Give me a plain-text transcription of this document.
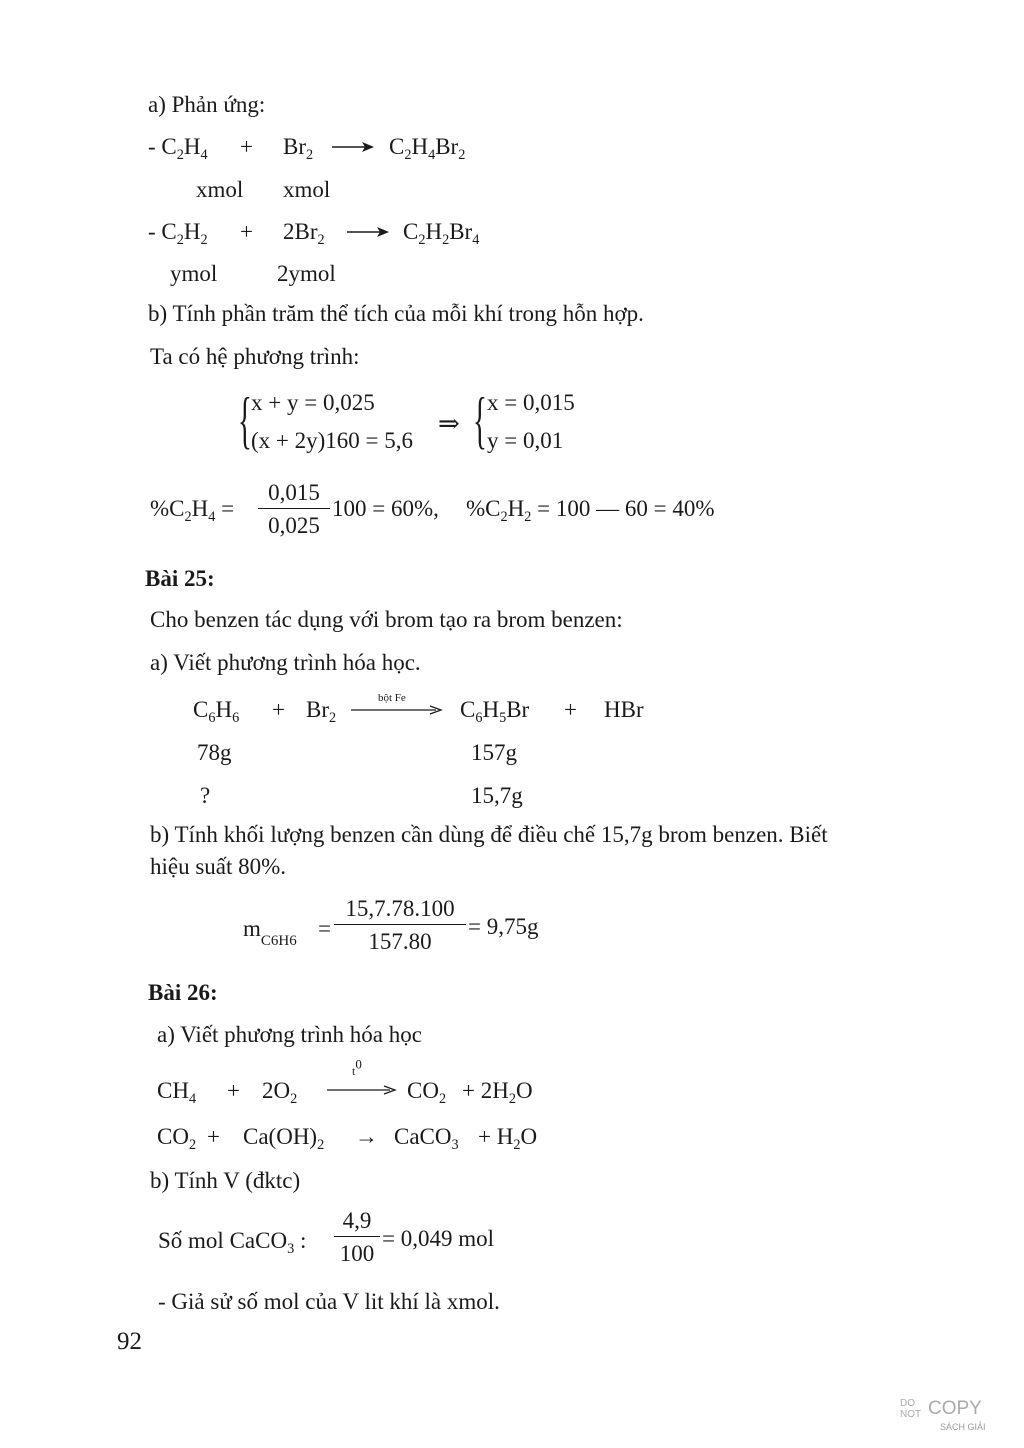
a) Phản ứng:
- $C_2H_4 + Br_2 \to C_2H_4Br_2$
xmol xmol
- $C_2H_2 + 2Br_2 \to C_2H_2Br_4$
ymol	2ymol
b) Tính phần trăm thể tích của mỗi khí trong hỗn hợp.
Ta có hệ phương trình:
{ x + y = 0,025
(x + 2y)160 = 5,6
⇒ { x = 0,015
y = 0,01
$\%C_2H_4 = \frac{0,015}{0,025} 100 = 60\%$, $\%C_2H_2 = 100$ — 60 = 40%
Bài 25:
Cho benzen tác dụng với brom tạo ra brom benzen:
a) Viết phương trình hóa học.
$C_6H_6 + Br_2$
bột Fe $C_6H_5Br$ + HBr
78g	157g
?	15,7g
b) Tính khối lượng benzen cần dùng để điều chế 15,7g brom benzen. Biết
hiệu suất 80%.
$m_{C6H6} = \frac{15,7.78.100}{157.80} = 9,75g$
Bài 26:
a) Viết phương trình hóa học
$CH_4 + 2O_2$
$t^0$
→ $CO_2 + 2H_2O$
$CO_2 + Ca(OH)_2$ → CaCO$_3$ + $H_2O$
b) Tính V (đktc)
Số mol CaCO$_3$ : $\frac{4,9}{100} = 0,049$ mol
- Giả sử số mol của V lit khí là xmol.
92
DO
NOT COPY
SÁCH GIẢI
